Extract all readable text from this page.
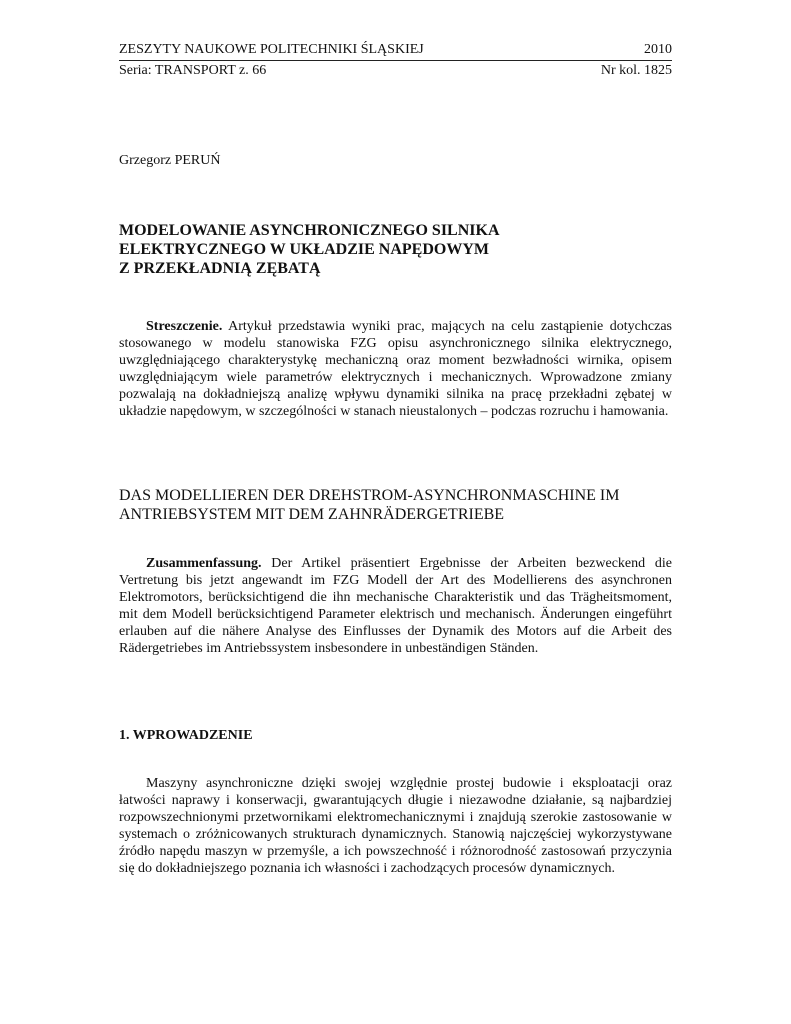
ZESZYTY NAUKOWE POLITECHNIKI ŚLĄSKIEJ	2010
Seria: TRANSPORT z. 66	Nr kol. 1825
Grzegorz PERUŃ
MODELOWANIE ASYNCHRONICZNEGO SILNIKA
ELEKTRYCZNEGO W UKŁADZIE NAPĘDOWYM
Z PRZEKŁADNIĄ ZĘBATĄ

Streszczenie. Artykuł przedstawia wyniki prac, mających na celu zastąpienie dotychczas stosowanego w modelu stanowiska FZG opisu asynchronicznego silnika elektrycznego, uwzględniającego charakterystykę mechaniczną oraz moment bezwładności wirnika, opisem uwzględniającym wiele parametrów elektrycznych i mechanicznych. Wprowadzone zmiany pozwalają na dokładniejszą analizę wpływu dynamiki silnika na pracę przekładni zębatej w układzie napędowym, w szczególności w stanach nieustalonych – podczas rozruchu i hamowania.

DAS MODELLIEREN DER DREHSTROM-ASYNCHRONMASCHINE IM
ANTRIEBSYSTEM MIT DEM ZAHNRÄDERGETRIEBE

Zusammenfassung. Der Artikel präsentiert Ergebnisse der Arbeiten bezweckend die Vertretung bis jetzt angewandt im FZG Modell der Art des Modellierens des asynchronen Elektromotors, berücksichtigend die ihn mechanische Charakteristik und das Trägheitsmoment, mit dem Modell berücksichtigend Parameter elektrisch und mechanisch. Änderungen eingeführt erlauben auf die nähere Analyse des Einflusses der Dynamik des Motors auf die Arbeit des Rädergetriebes im Antriebssystem insbesondere in unbeständigen Ständen.

1. WPROWADZENIE

Maszyny asynchroniczne dzięki swojej względnie prostej budowie i eksploatacji oraz łatwości naprawy i konserwacji, gwarantujących długie i niezawodne działanie, są najbardziej rozpowszechnionymi przetwornikami elektromechanicznymi i znajdują szerokie zastosowanie w systemach o zróżnicowanych strukturach dynamicznych. Stanowią najczęściej wykorzystywane źródło napędu maszyn w przemyśle, a ich powszechność i różnorodność zastosowań przyczynia się do dokładniejszego poznania ich własności i zachodzących procesów dynamicznych.
